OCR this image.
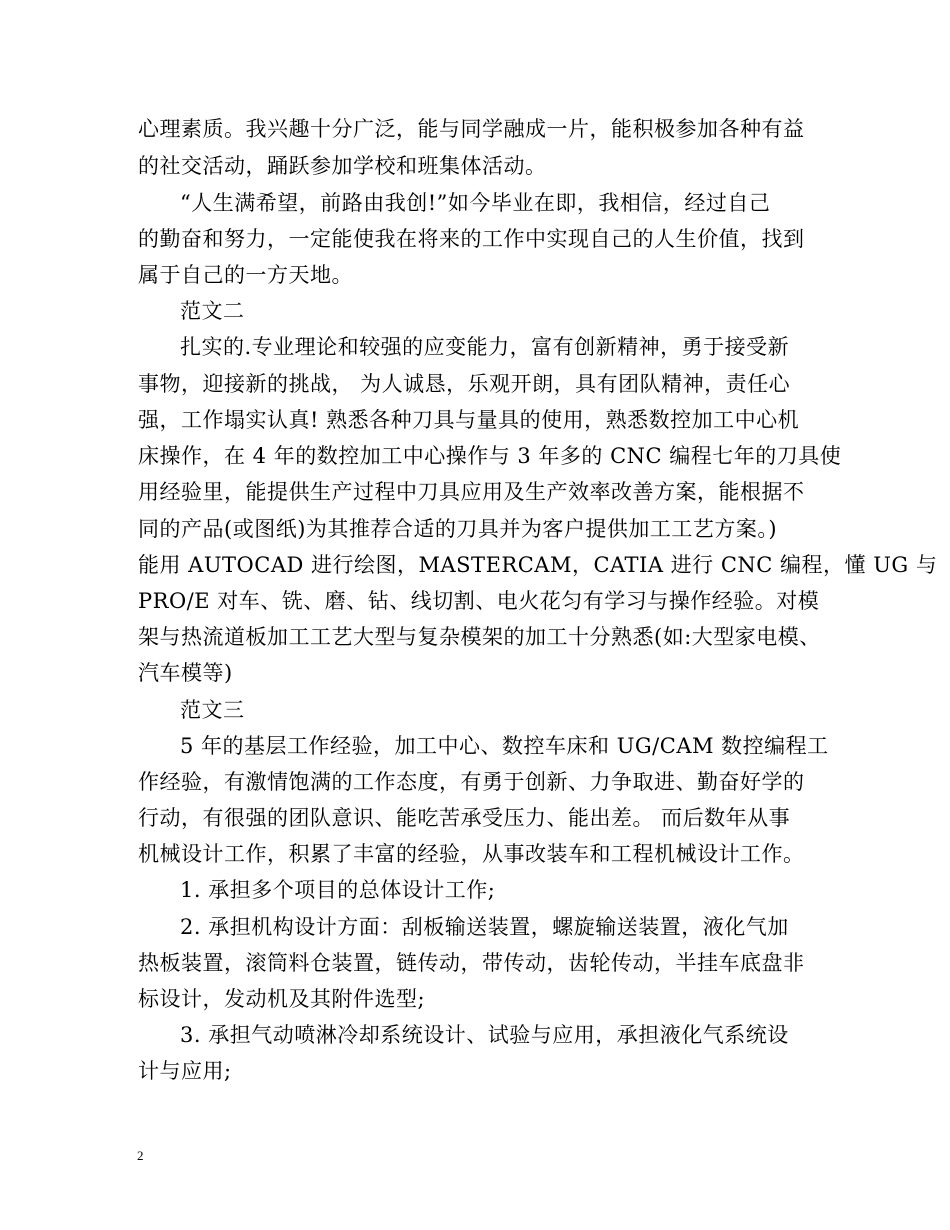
心理素质。我兴趣十分广泛，能与同学融成一片，能积极参加各种有益
的社交活动，踊跃参加学校和班集体活动。
“人生满希望，前路由我创!”如今毕业在即，我相信，经过自己
的勤奋和努力，一定能使我在将来的工作中实现自己的人生价值，找到
属于自己的一方天地。
范文二
扎实的.专业理论和较强的应变能力，富有创新精神，勇于接受新
事物，迎接新的挑战， 为人诚恳，乐观开朗，具有团队精神，责任心
强，工作塌实认真! 熟悉各种刀具与量具的使用，熟悉数控加工中心机
床操作，在 4 年的数控加工中心操作与 3 年多的 CNC 编程七年的刀具使
用经验里，能提供生产过程中刀具应用及生产效率改善方案，能根据不
同的产品(或图纸)为其推荐合适的刀具并为客户提供加工工艺方案。)
能用 AUTOCAD 进行绘图，MASTERCAM，CATIA 进行 CNC 编程，懂 UG 与
PRO/E 对车、铣、磨、钻、线切割、电火花匀有学习与操作经验。对模
架与热流道板加工工艺大型与复杂模架的加工十分熟悉(如:大型家电模、
汽车模等)
范文三
5 年的基层工作经验，加工中心、数控车床和 UG/CAM 数控编程工
作经验，有激情饱满的工作态度，有勇于创新、力争取进、勤奋好学的
行动，有很强的团队意识、能吃苦承受压力、能出差。 而后数年从事
机械设计工作，积累了丰富的经验，从事改装车和工程机械设计工作。
1. 承担多个项目的总体设计工作;
2. 承担机构设计方面：刮板输送装置，螺旋输送装置，液化气加
热板装置，滚筒料仓装置，链传动，带传动，齿轮传动，半挂车底盘非
标设计，发动机及其附件选型;
3. 承担气动喷淋冷却系统设计、试验与应用，承担液化气系统设
计与应用;
2
